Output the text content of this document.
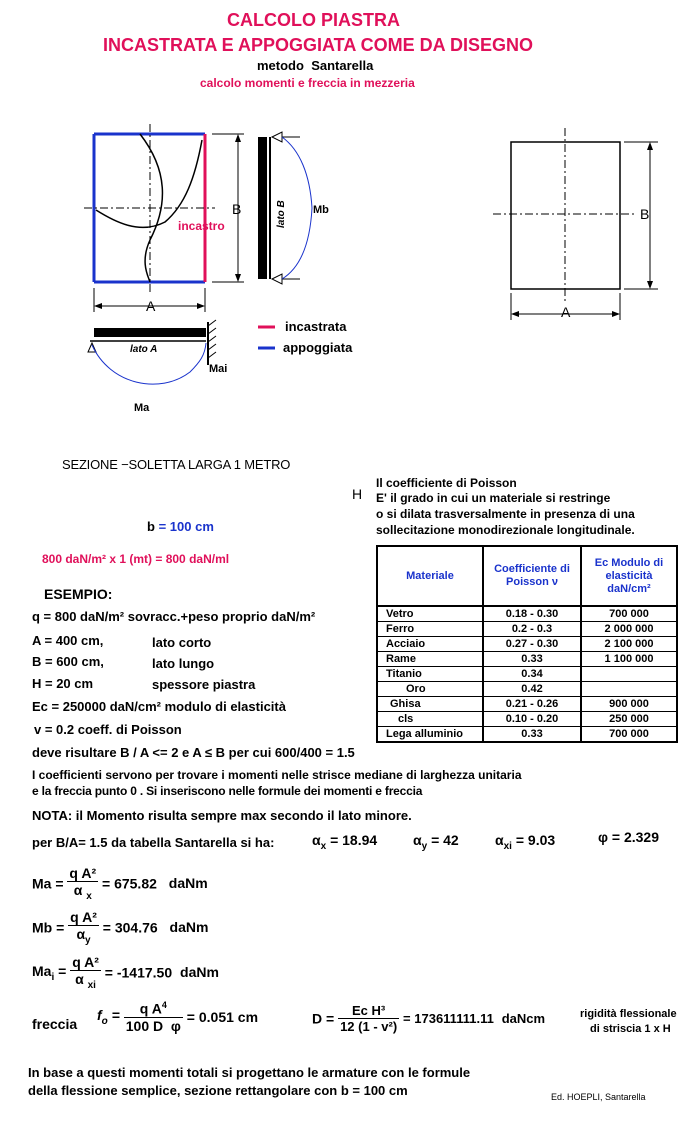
CALCOLO PIASTRA
INCASTRATA E APPOGGIATA COME DA DISEGNO
metodo Santarella
calcolo momenti e freccia in mezzeria
B
incastro	lato B Mb
A
lato A
Mai
Ma
incastrata
appoggiata
B
A
SEZIONE −SOLETTA LARGA 1 METRO
H
b = 100 cm
800 daN/m² x 1 (mt) = 800 daN/ml
Il coefficiente di Poisson
E' il grado in cui un materiale si restringe
o si dilata trasversalmente in presenza di una
sollecitazione monodirezionale longitudinale.
Materiale	Coefficiente di Poisson ν	Ec Modulo di elasticità daN/cm²
Vetro	0.18 - 0.30	700 000
Ferro	0.2 - 0.3	2 000 000
Acciaio	0.27 - 0.30	2 100 000
Rame	0.33	1 100 000
Titanio	0.34	
Oro	0.42	
Ghisa	0.21 - 0.26	900 000
cls	0.10 - 0.20	250 000
Lega alluminio	0.33	700 000
ESEMPIO:
q = 800 daN/m² sovracc.+peso proprio daN/m²
A = 400 cm,	lato corto
B = 600 cm,	lato lungo
H = 20 cm	spessore piastra
Ec = 250000 daN/cm² modulo di elasticità
v = 0.2 coeff. di Poisson
deve risultare B / A <= 2 e A ≤ B per cui 600/400 = 1.5
I coefficienti servono per trovare i momenti nelle strisce mediane di larghezza unitaria
e la freccia punto 0 . Si inseriscono nelle formule dei momenti e freccia
NOTA: il Momento risulta sempre max secondo il lato minore.
per B/A= 1.5 da tabella Santarella si ha:	$\alpha_x = 18.94$	$\alpha_y = 42$	$\alpha_{xi} = 9.03$	φ = 2.329
$Ma = \frac{\text{q A²}}{\alpha _x} = 675.82$ daNm
$Mb = \frac{\text{q A²}}{\alpha_y} = 304.76$ daNm
$Ma_i = \frac{\text{q A²}}{\alpha _{xi}} = -1417.50$ daNm
freccia
$f_o = \frac{q A^4}{\text{100 D  φ}} = 0.051$ cm	$D = \frac{\text{Ec H³}}{\text{12 (1 - v²)}} = 173611111.11$ daNcm	rigidità flessionale
di striscia 1 x H
In base a questi momenti totali si progettano le armature con le formule
della flessione semplice, sezione rettangolare con b = 100 cm	Ed. HOEPLI, Santarella
